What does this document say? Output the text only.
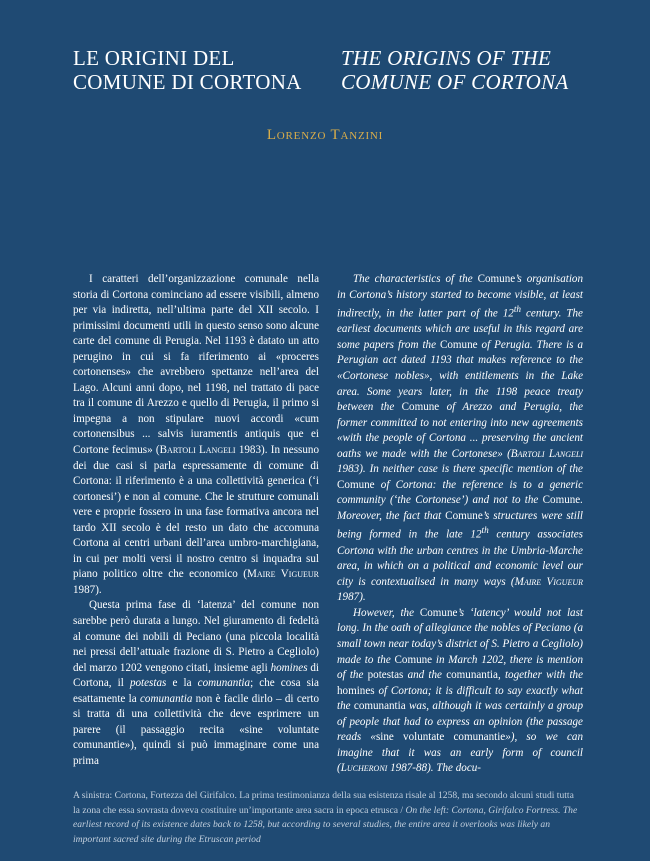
LE ORIGINI DEL
COMUNE DI CORTONA
THE ORIGINS OF THE
COMUNE OF CORTONA
Lorenzo Tanzini

I caratteri dell’organizzazione comunale nella storia di Cortona cominciano ad essere visibili, almeno per via indiretta, nell’ultima parte del XII secolo. I primissimi documenti utili in questo senso sono alcune carte del comune di Perugia. Nel 1193 è datato un atto perugino in cui si fa riferimento ai «proceres cortonenses» che avrebbero spettanze nell’area del Lago. Alcuni anni dopo, nel 1198, nel trattato di pace tra il comune di Arezzo e quello di Perugia, il primo si impegna a non stipulare nuovi accordi «cum cortonensibus ... salvis iuramentis antiquis que ei Cortone fecimus» (Bartoli Langeli 1983). In nessuno dei due casi si parla espressamente di comune di Cortona: il riferimento è a una collettività generica (‘i cortonesi’) e non al comune. Che le strutture comunali vere e proprie fossero in una fase formativa ancora nel tardo XII secolo è del resto un dato che accomuna Cortona ai centri urbani dell’area umbro-marchigiana, in cui per molti versi il nostro centro si inquadra sul piano politico oltre che economico (Maire Vigueur 1987).

Questa prima fase di ‘latenza’ del comune non sarebbe però durata a lungo. Nel giuramento di fedeltà al comune dei nobili di Peciano (una piccola località nei pressi dell’attuale frazione di S. Pietro a Cegliolo) del marzo 1202 vengono citati, insieme agli homines di Cortona, il potestas e la comunantia; che cosa sia esattamente la comunantia non è facile dirlo – di certo si tratta di una collettività che deve esprimere un parere (il passaggio recita «sine voluntate comunantie»), quindi si può immaginare come una prima

The characteristics of the Comune’s organisation in Cortona’s history started to become visible, at least indirectly, in the latter part of the 12th century. The earliest documents which are useful in this regard are some papers from the Comune of Perugia. There is a Perugian act dated 1193 that makes reference to the «Cortonese nobles», with entitlements in the Lake area. Some years later, in the 1198 peace treaty between the Comune of Arezzo and Perugia, the former committed to not entering into new agreements «with the people of Cortona ... preserving the ancient oaths we made with the Cortonese» (Bartoli Langeli 1983). In neither case is there specific mention of the Comune of Cortona: the reference is to a generic community (‘the Cortonese’) and not to the Comune. Moreover, the fact that Comune’s structures were still being formed in the late 12th century associates Cortona with the urban centres in the Umbria-Marche area, in which on a political and economic level our city is contextualised in many ways (Maire Vigueur 1987).

However, the Comune’s ‘latency’ would not last long. In the oath of allegiance the nobles of Peciano (a small town near today’s district of S. Pietro a Cegliolo) made to the Comune in March 1202, there is mention of the potestas and the comunantia, together with the homines of Cortona; it is difficult to say exactly what the comunantia was, although it was certainly a group of people that had to express an opinion (the passage reads «sine voluntate comunantie»), so we can imagine that it was an early form of council (Lucheroni 1987-88). The docu-

A sinistra: Cortona, Fortezza del Girifalco. La prima testimonianza della sua esistenza risale al 1258, ma secondo alcuni studi tutta la zona che essa sovrasta doveva costituire un’importante area sacra in epoca etrusca / On the left: Cortona, Girifalco Fortress. The earliest record of its existence dates back to 1258, but according to several studies, the entire area it overlooks was likely an important sacred site during the Etruscan period
